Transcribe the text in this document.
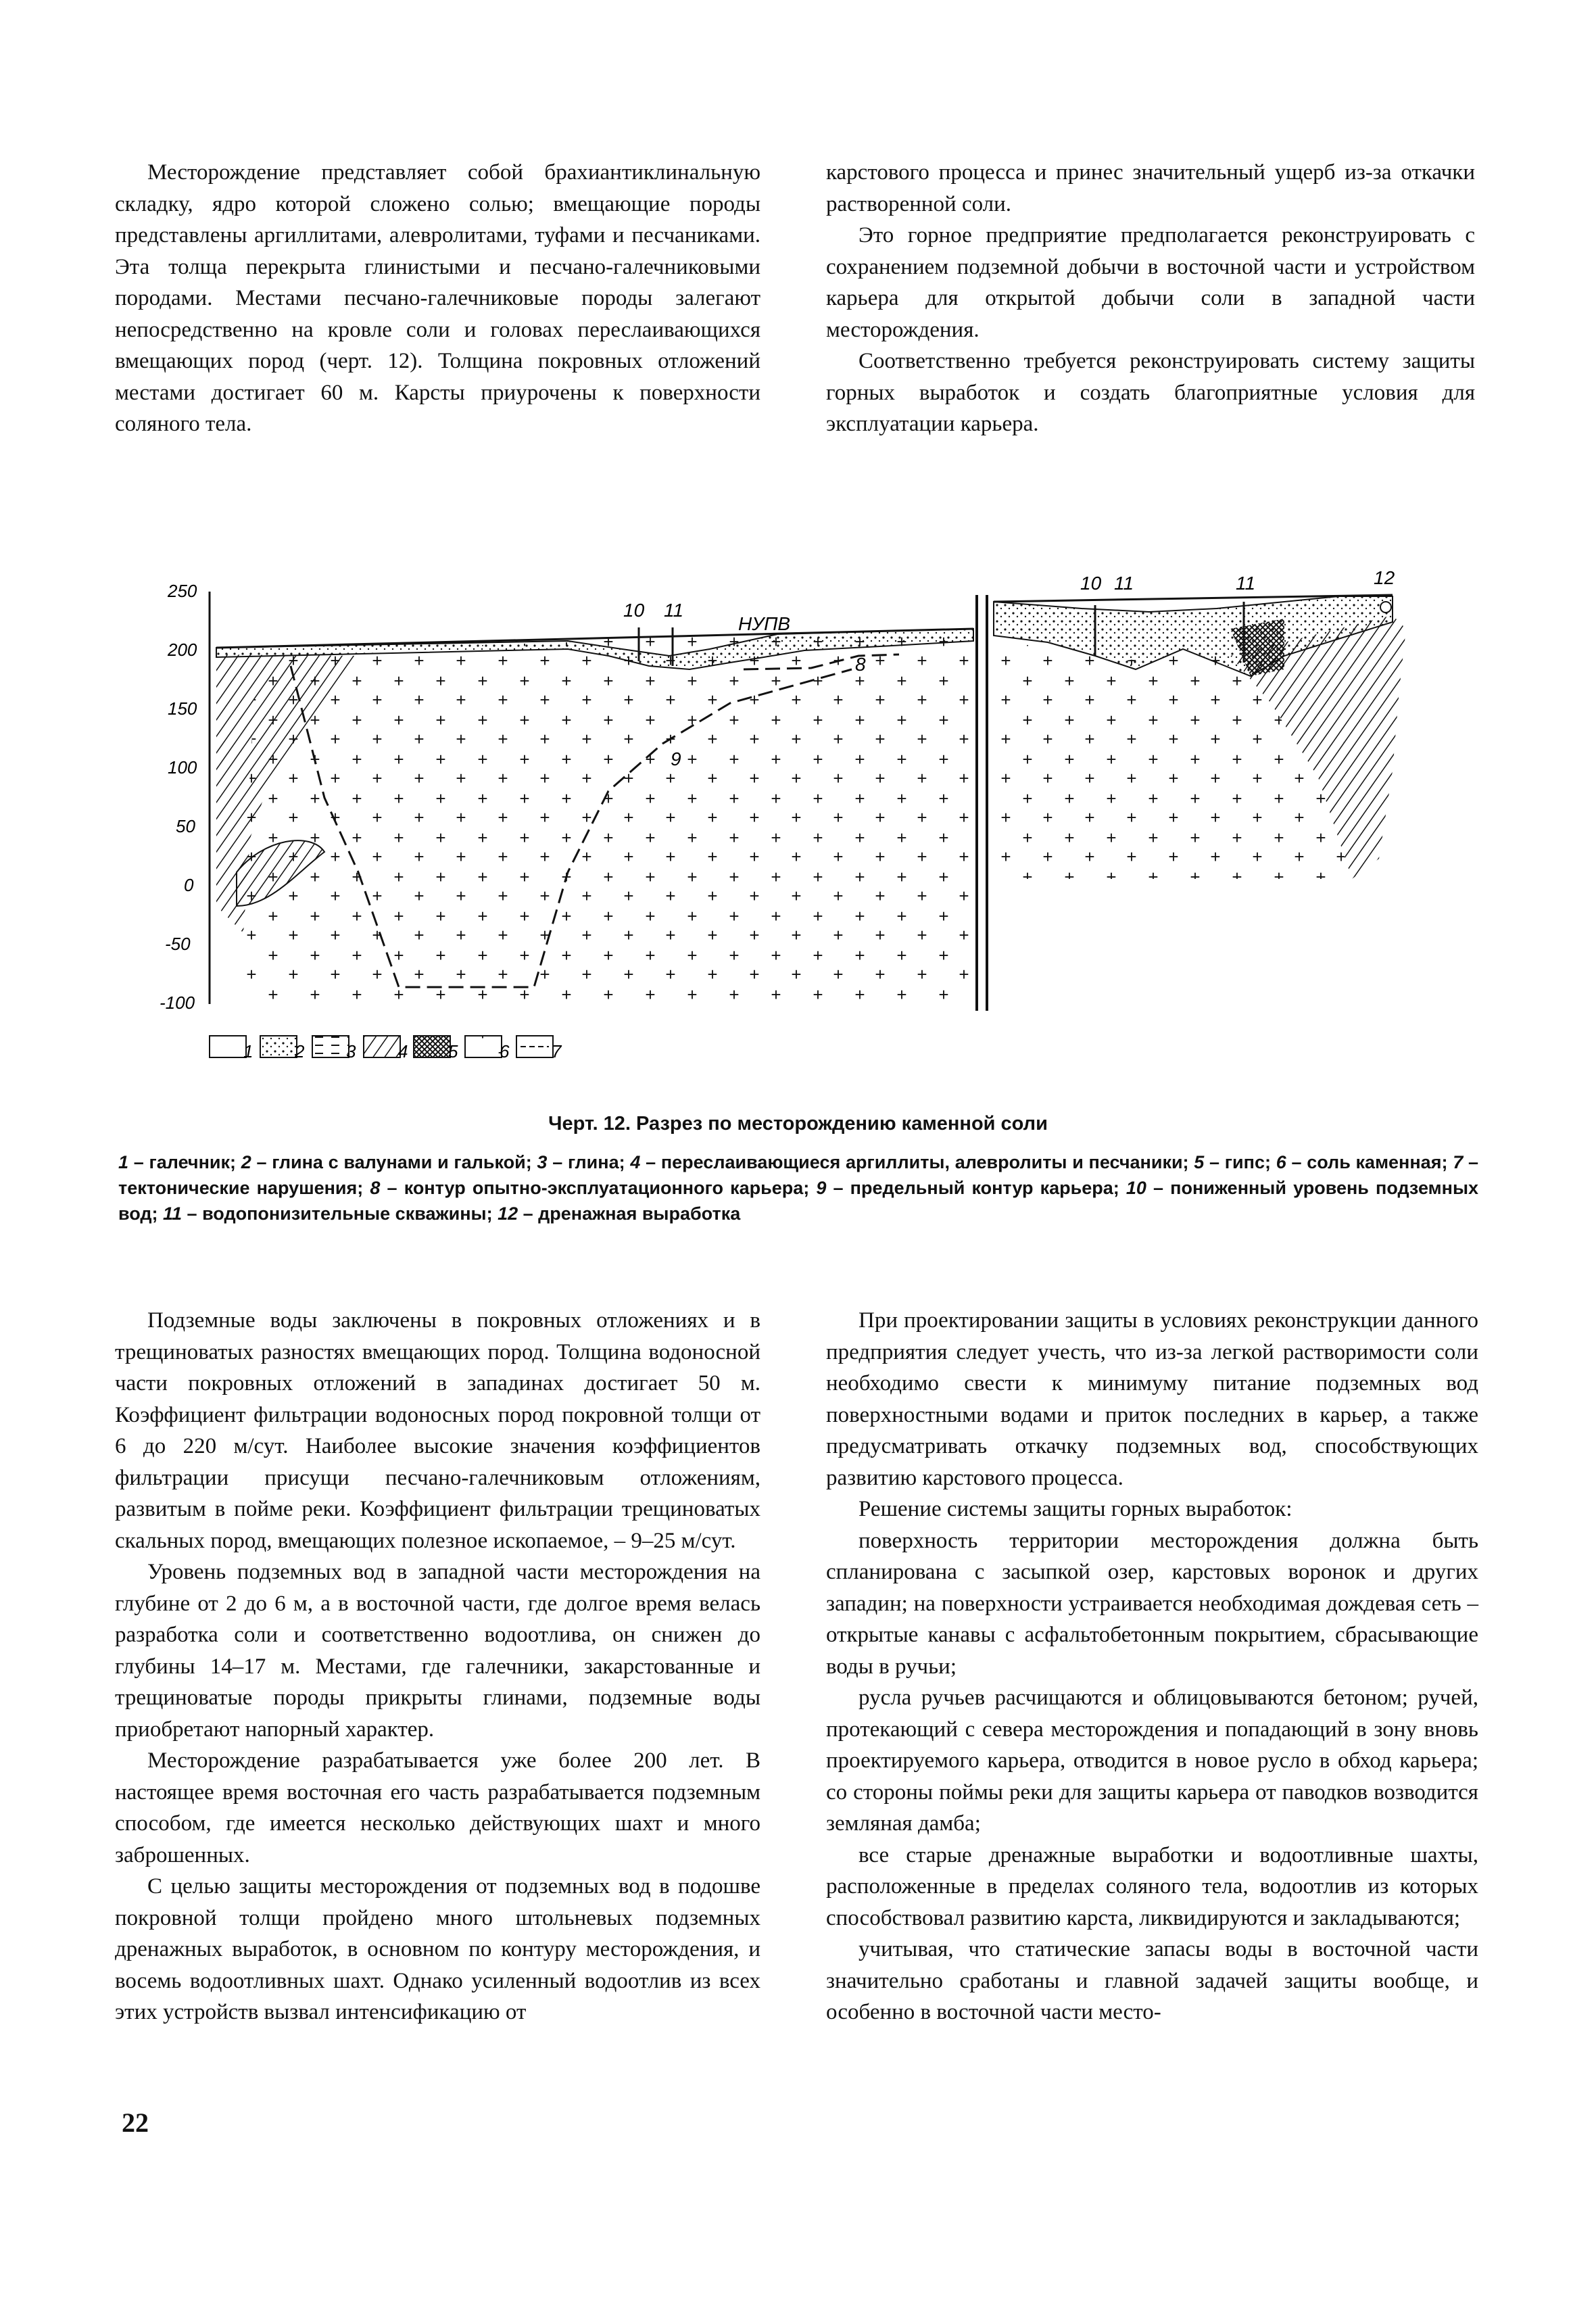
Месторождение представляет собой брахиантиклинальную складку, ядро которой сложено солью; вмещающие породы представлены аргиллитами, алевролитами, туфами и песчаниками. Эта толща перекрыта глинистыми и песчано-галечниковыми породами. Местами песчано-галечниковые породы залегают непосредственно на кровле соли и головах переслаивающихся вмещающих пород (черт. 12). Толщина покровных отложений местами достигает 60 м. Карсты приурочены к поверхности соляного тела.

карстового процесса и принес значительный ущерб из-за откачки растворенной соли.

Это горное предприятие предполагается реконструировать с сохранением подземной добычи в восточной части и устройством карьера для открытой добычи соли в западной части месторождения.

Соответственно требуется реконструировать систему защиты горных выработок и создать благоприятные условия для эксплуатации карьера.

250
200
150
100
50
0
-50
-100
10 11
НУПВ
8
9
10 11	11	12
1 2 3 4 5 6 7
Черт. 12. Разрез по месторождению каменной соли
1 – галечник; 2 – глина с валунами и галькой; 3 – глина; 4 – переслаивающиеся аргиллиты, алевролиты и песчаники; 5 – гипс; 6 – соль каменная; 7 – тектонические нарушения; 8 – контур опытно-эксплуатационного карьера; 9 – предельный контур карьера; 10 – пониженный уровень подземных вод; 11 – водопонизительные скважины; 12 – дренажная выработка

Подземные воды заключены в покровных отложениях и в трещиноватых разностях вмещающих пород. Толщина водоносной части покровных отложений в западинах достигает 50 м. Коэффициент фильтрации водоносных пород покровной толщи от 6 до 220 м/сут. Наиболее высокие значения коэффициентов фильтрации присущи песчано-галечниковым отложениям, развитым в пойме реки. Коэффициент фильтрации трещиноватых скальных пород, вмещающих полезное ископаемое, – 9–25 м/сут.

Уровень подземных вод в западной части месторождения на глубине от 2 до 6 м, а в восточной части, где долгое время велась разработка соли и соответственно водоотлива, он снижен до глубины 14–17 м. Местами, где галечники, закарстованные и трещиноватые породы прикрыты глинами, подземные воды приобретают напорный характер.

Месторождение разрабатывается уже более 200 лет. В настоящее время восточная его часть разрабатывается подземным способом, где имеется несколько действующих шахт и много заброшенных.

С целью защиты месторождения от подземных вод в подошве покровной толщи пройдено много штольневых подземных дренажных выработок, в основном по контуру месторождения, и восемь водоотливных шахт. Однако усиленный водоотлив из всех этих устройств вызвал интенсификацию от

При проектировании защиты в условиях реконструкции данного предприятия следует учесть, что из-за легкой растворимости соли необходимо свести к минимуму питание подземных вод поверхностными водами и приток последних в карьер, а также предусматривать откачку подземных вод, способствующих развитию карстового процесса.

Решение системы защиты горных выработок:

поверхность территории месторождения должна быть спланирована с засыпкой озер, карстовых воронок и других западин; на поверхности устраивается необходимая дождевая сеть – открытые канавы с асфальтобетонным покрытием, сбрасывающие воды в ручьи;

русла ручьев расчищаются и облицовываются бетоном; ручей, протекающий с севера месторождения и попадающий в зону вновь проектируемого карьера, отводится в новое русло в обход карьера; со стороны поймы реки для защиты карьера от паводков возводится земляная дамба;

все старые дренажные выработки и водоотливные шахты, расположенные в пределах соляного тела, водоотлив из которых способствовал развитию карста, ликвидируются и закладываются;

учитывая, что статические запасы воды в восточной части значительно сработаны и главной задачей защиты вообще, и особенно в восточной части место-

22
